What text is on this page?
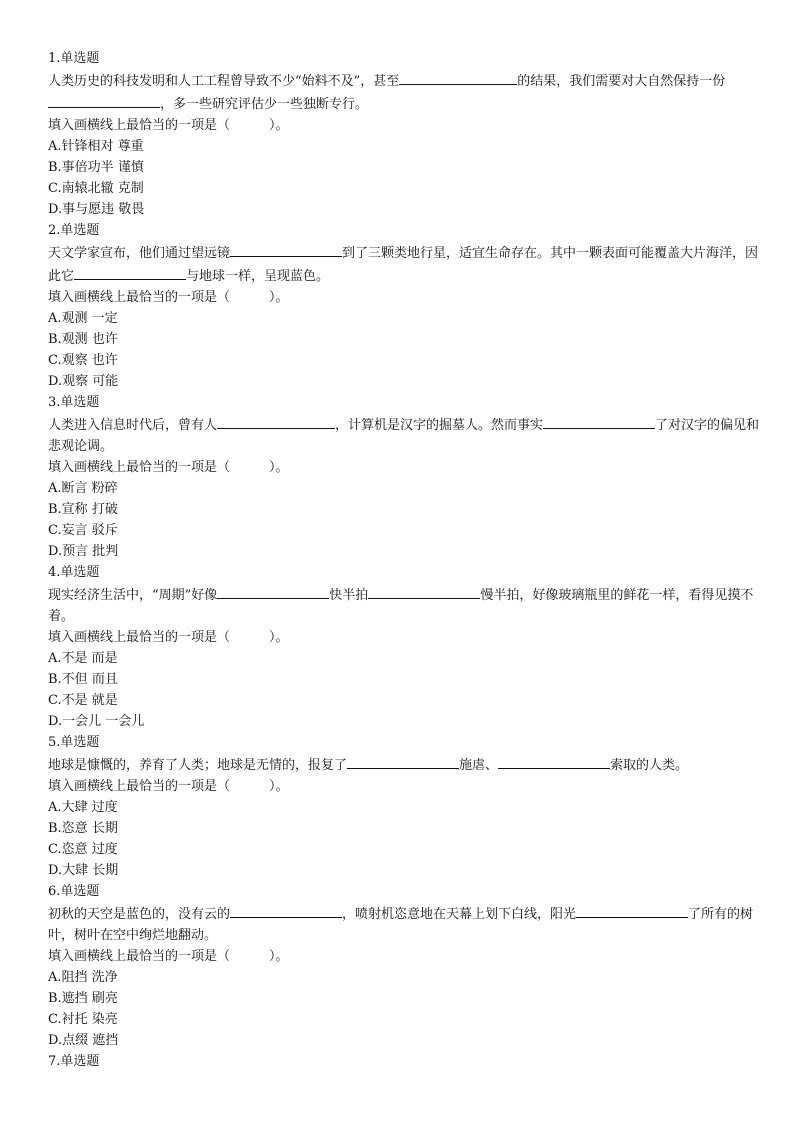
1.单选题

人类历史的科技发明和人工工程曾导致不少“始料不及”，甚至	的结果，我们需要对大自然保持一份，多一些研究评估少一些独断专行。

填入画横线上最恰当的一项是（　　　）。

A.针锋相对 尊重

B.事倍功半 谨慎

C.南辕北辙 克制

D.事与愿违 敬畏

2.单选题

天文学家宣布，他们通过望远镜	到了三颗类地行星，适宜生命存在。其中一颗表面可能覆盖大片海洋，因此它	与地球一样，呈现蓝色。

填入画横线上最恰当的一项是（　　　）。

A.观测 一定

B.观测 也许

C.观察 也许

D.观察 可能

3.单选题

人类进入信息时代后，曾有人	，计算机是汉字的掘墓人。然而事实	了对汉字的偏见和悲观论调。

填入画横线上最恰当的一项是（　　　）。

A.断言 粉碎

B.宣称 打破

C.妄言 驳斥

D.预言 批判

4.单选题

现实经济生活中，“周期”好像	快半拍	慢半拍，好像玻璃瓶里的鲜花一样，看得见摸不着。

填入画横线上最恰当的一项是（　　　）。

A.不是 而是

B.不但 而且

C.不是 就是

D.一会儿 一会儿

5.单选题

地球是慷慨的，养育了人类；地球是无情的，报复了	施虐、	索取的人类。

填入画横线上最恰当的一项是（　　　）。

A.大肆 过度

B.恣意 长期

C.恣意 过度

D.大肆 长期

6.单选题

初秋的天空是蓝色的，没有云的	，喷射机恣意地在天幕上划下白线，阳光	了所有的树叶，树叶在空中绚烂地翻动。

填入画横线上最恰当的一项是（　　　）。

A.阻挡 洗净

B.遮挡 刷亮

C.衬托 染亮

D.点缀 遮挡

7.单选题
